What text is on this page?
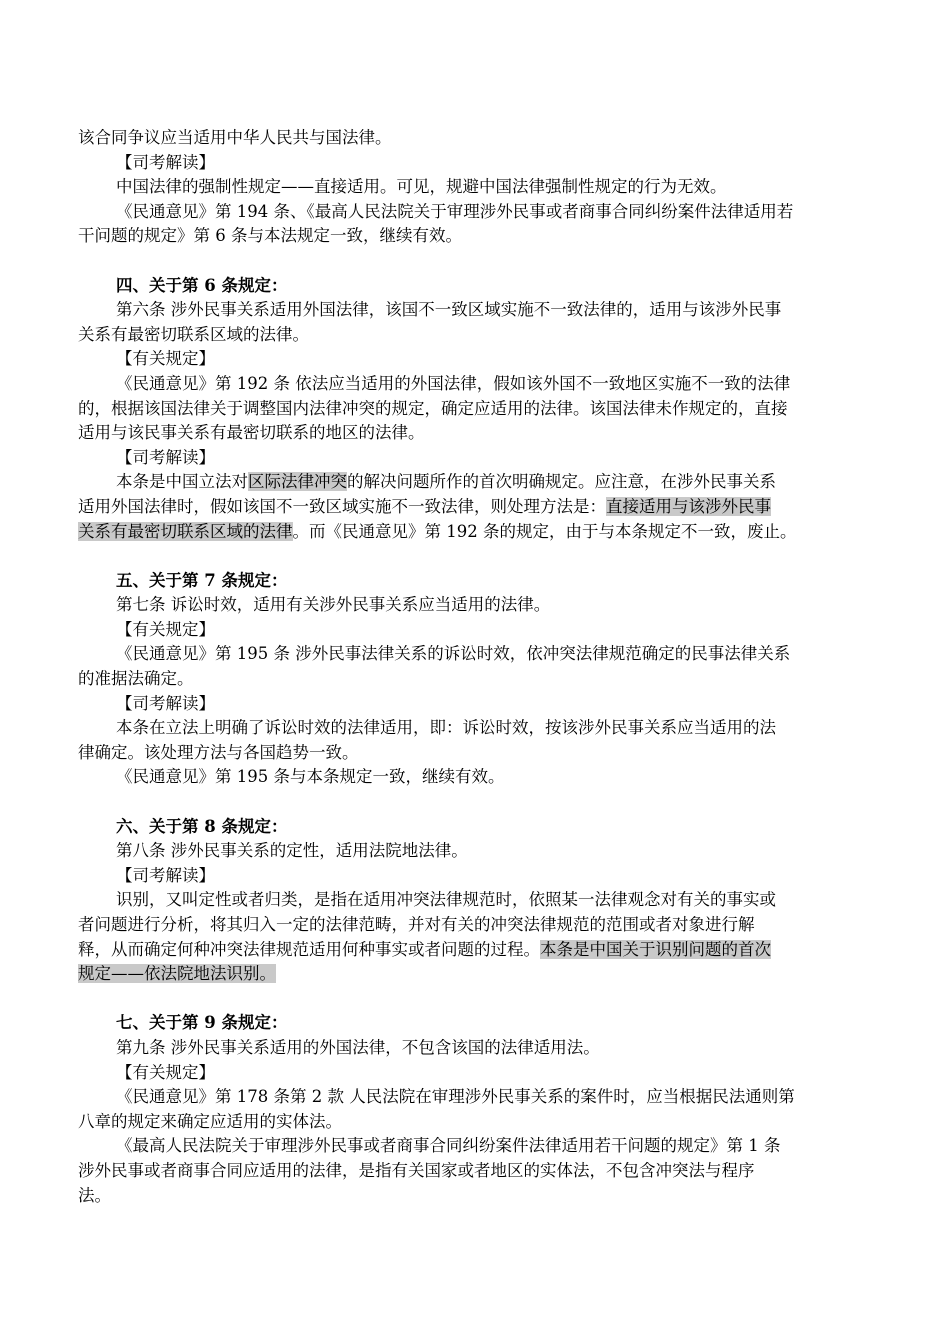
该合同争议应当适用中华人民共与国法律。
【司考解读】
中国法律的强制性规定——直接适用。可见，规避中国法律强制性规定的行为无效。
《民通意见》第 194 条、《最高人民法院关于审理涉外民事或者商事合同纠纷案件法律适用若
干问题的规定》第 6 条与本法规定一致，继续有效。
四、关于第 6 条规定：
第六条 涉外民事关系适用外国法律，该国不一致区域实施不一致法律的，适用与该涉外民事
关系有最密切联系区域的法律。
【有关规定】
《民通意见》第 192 条 依法应当适用的外国法律，假如该外国不一致地区实施不一致的法律
的，根据该国法律关于调整国内法律冲突的规定，确定应适用的法律。该国法律未作规定的，直接
适用与该民事关系有最密切联系的地区的法律。
【司考解读】
本条是中国立法对区际法律冲突的解决问题所作的首次明确规定。应注意，在涉外民事关系
适用外国法律时，假如该国不一致区域实施不一致法律，则处理方法是：直接适用与该涉外民事
关系有最密切联系区域的法律。而《民通意见》第 192 条的规定，由于与本条规定不一致，废止。
五、关于第 7 条规定：
第七条 诉讼时效，适用有关涉外民事关系应当适用的法律。
【有关规定】
《民通意见》第 195 条 涉外民事法律关系的诉讼时效，依冲突法律规范确定的民事法律关系
的准据法确定。
【司考解读】
本条在立法上明确了诉讼时效的法律适用，即：诉讼时效，按该涉外民事关系应当适用的法
律确定。该处理方法与各国趋势一致。
《民通意见》第 195 条与本条规定一致，继续有效。
六、关于第 8 条规定：
第八条 涉外民事关系的定性，适用法院地法律。
【司考解读】
识别，又叫定性或者归类，是指在适用冲突法律规范时，依照某一法律观念对有关的事实或
者问题进行分析，将其归入一定的法律范畴，并对有关的冲突法律规范的范围或者对象进行解
释，从而确定何种冲突法律规范适用何种事实或者问题的过程。本条是中国关于识别问题的首次
规定——依法院地法识别。
七、关于第 9 条规定：
第九条 涉外民事关系适用的外国法律，不包含该国的法律适用法。
【有关规定】
《民通意见》第 178 条第 2 款 人民法院在审理涉外民事关系的案件时，应当根据民法通则第
八章的规定来确定应适用的实体法。
《最高人民法院关于审理涉外民事或者商事合同纠纷案件法律适用若干问题的规定》第 1 条
涉外民事或者商事合同应适用的法律，是指有关国家或者地区的实体法，不包含冲突法与程序
法。
